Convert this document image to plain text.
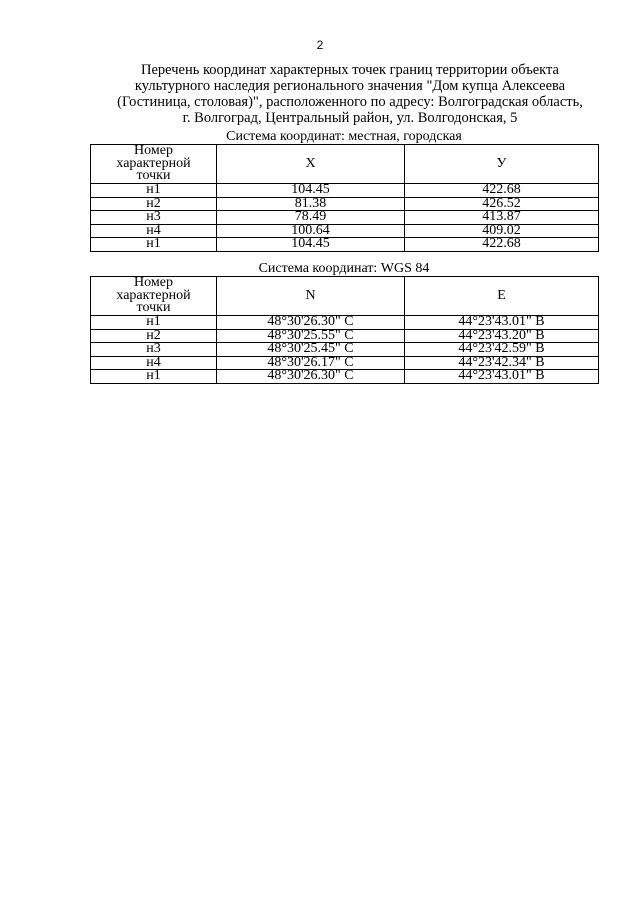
2
Перечень координат характерных точек границ территории объекта
культурного наследия регионального значения "Дом купца Алексеева
(Гостиница, столовая)", расположенного по адресу: Волгоградская область,
г. Волгоград, Центральный район, ул. Волгодонская, 5
Система координат: местная, городская
Номер
характерной
точки	Х	У
н1	104.45	422.68
н2	81.38	426.52
н3	78.49	413.87
н4	100.64	409.02
н1	104.45	422.68
Система координат: WGS 84
Номер
характерной
точки	N	E
н1	48°30'26.30" С	44°23'43.01" В
н2	48°30'25.55" С	44°23'43.20" В
н3	48°30'25.45" С	44°23'42.59" В
н4	48°30'26.17" С	44°23'42.34" В
н1	48°30'26.30" С	44°23'43.01" В
